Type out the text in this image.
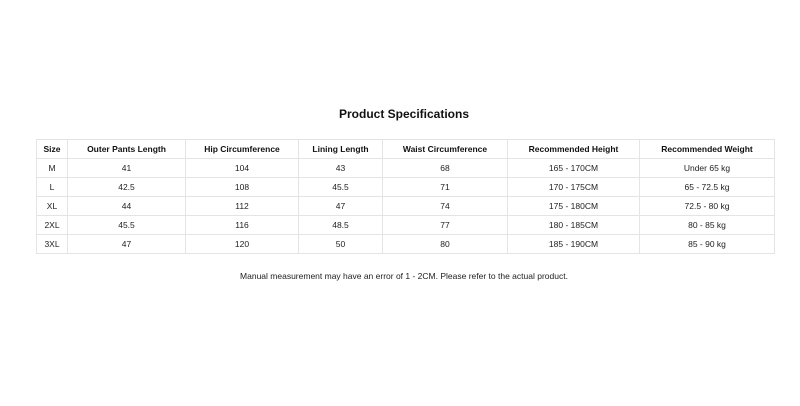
Product Specifications
Size	Outer Pants Length	Hip Circumference	Lining Length	Waist Circumference	Recommended Height	Recommended Weight
M	41	104	43	68	165 - 170CM	Under 65 kg
L	42.5	108	45.5	71	170 - 175CM	65 - 72.5 kg
XL	44	112	47	74	175 - 180CM	72.5 - 80 kg
2XL	45.5	116	48.5	77	180 - 185CM	80 - 85 kg
3XL	47	120	50	80	185 - 190CM	85 - 90 kg
Manual measurement may have an error of 1 - 2CM. Please refer to the actual product.
